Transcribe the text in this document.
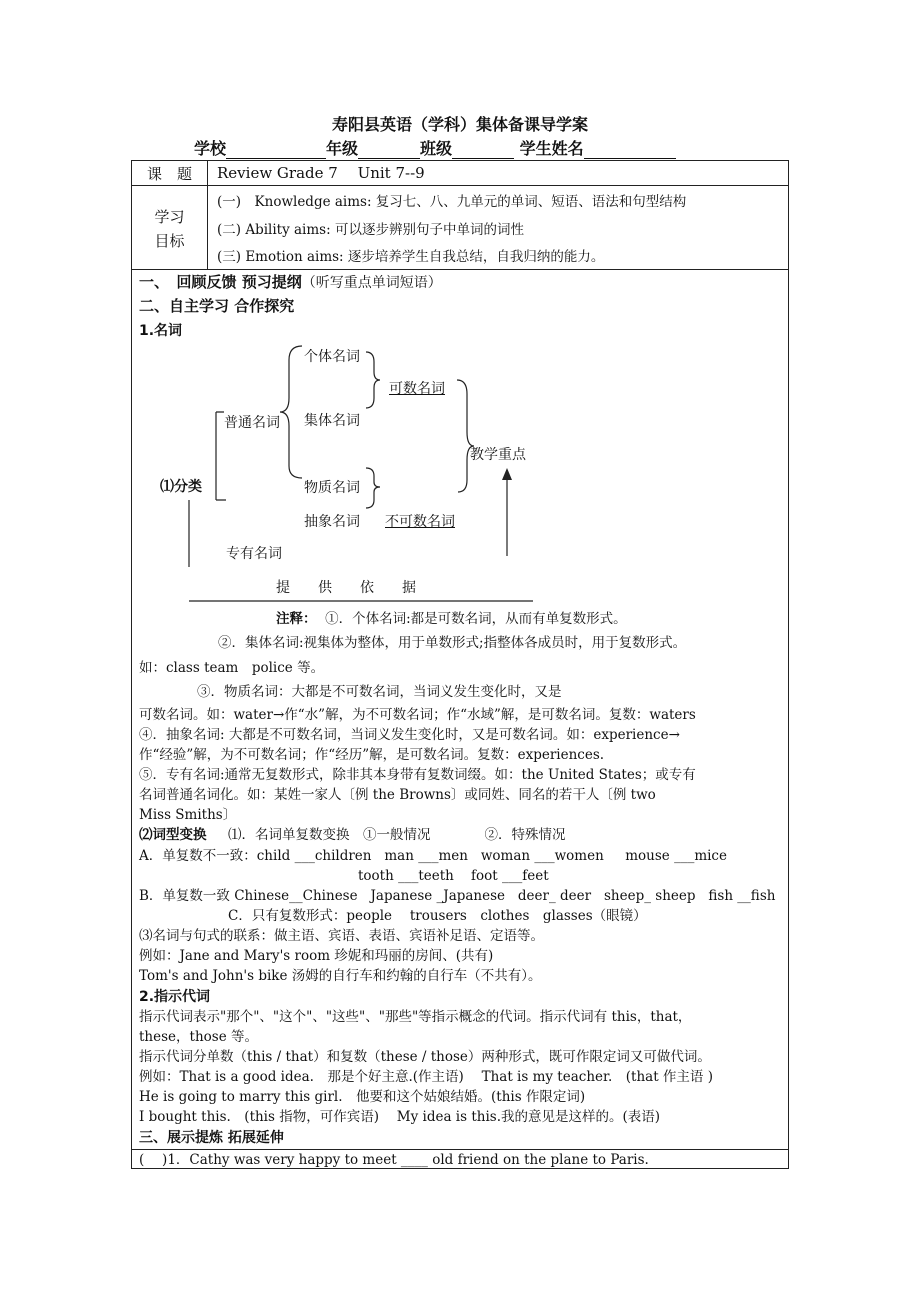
寿阳县英语（学科）集体备课导学案
学校	年级	班级	学生姓名
课　题	Review Grade 7　 Unit 7--9
学习
目标
(一)　Knowledge aims: 复习七、八、九单元的单词、短语、语法和句型结构
(二) Ability aims: 可以逐步辨别句子中单词的词性
(三) Emotion aims: 逐步培养学生自我总结，自我归纳的能力。
一、　回顾反馈 预习提纲（听写重点单词短语）
二、自主学习 合作探究
1.名词
个体名词
可数名词
普通名词 集体名词
教学重点
⑴分类	物质名词
抽象名词 不可数名词
专有名词
提　　供　　依　　据
注释： ①．个体名词:都是可数名词，从而有单复数形式。
②．集体名词:视集体为整体，用于单数形式;指整体各成员时，用于复数形式。
如：class team　police 等。
③．物质名词：大都是不可数名词，当词义发生变化时，又是
可数名词。如：water→作“水”解，为不可数名词；作“水域”解，是可数名词。复数：waters
④．抽象名词: 大都是不可数名词，当词义发生变化时，又是可数名词。如：experience→
作“经验”解，为不可数名词；作“经历”解，是可数名词。复数：experiences.
⑤．专有名词:通常无复数形式，除非其本身带有复数词缀。如：the United States；或专有
名词普通名词化。如：某姓一家人〔例 the Browns〕或同姓、同名的若干人〔例 two
Miss Smiths〕
⑵词型变换 ⑴．名词单复数变换　①一般情况　　　　②．特殊情况
A．单复数不一致：child ___children man ___men woman ___women mouse ___mice
tooth ___teeth foot ___feet
B．单复数一致 Chinese__Chinese Japanese _Japanese deer_ deer sheep_ sheep fish __fish
C．只有复数形式：people　 trousers　clothes　glasses（眼镜）
⑶名词与句式的联系：做主语、宾语、表语、宾语补足语、定语等。
例如：Jane and Mary's room 珍妮和玛丽的房间、(共有)
Tom's and John's bike 汤姆的自行车和约翰的自行车（不共有）。
2.指示代词
指示代词表示"那个"、"这个"、"这些"、"那些"等指示概念的代词。指示代词有 this，that，
these，those 等。
指示代词分单数（this / that）和复数（these / those）两种形式，既可作限定词又可做代词。
例如：That is a good idea.　那是个好主意.(作主语)　 That is my teacher.　(that 作主语 )
He is going to marry this girl.　他要和这个姑娘结婚。(this 作限定词)
I bought this.　(this 指物，可作宾语)　 My idea is this.我的意见是这样的。(表语)
三、展示提炼 拓展延伸
(　 )1．Cathy was very happy to meet ____ old friend on the plane to Paris.
